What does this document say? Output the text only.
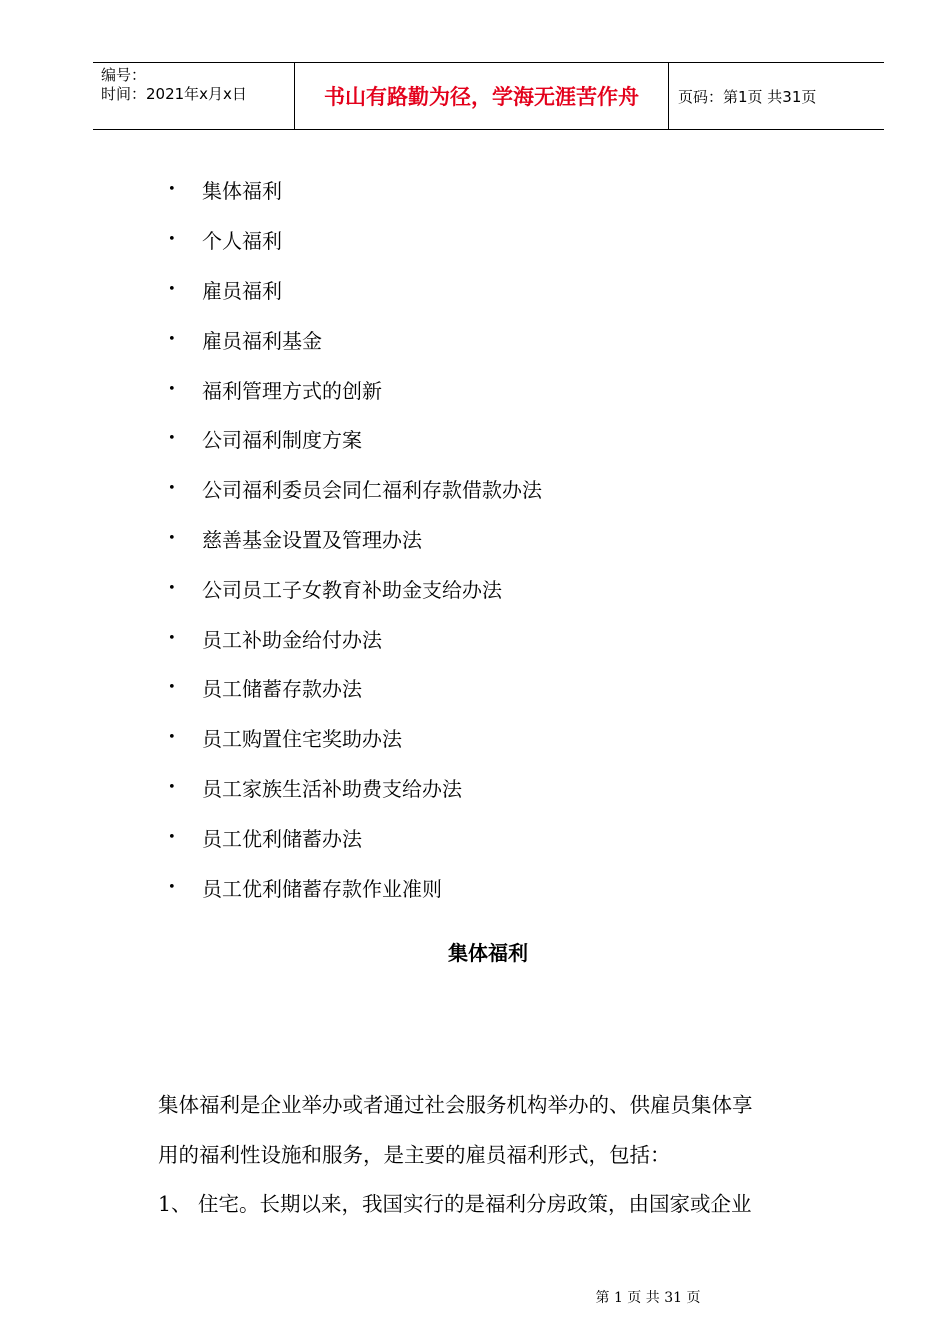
编号：
时间：2021年x月x日	书山有路勤为径，学海无涯苦作舟	页码：第1页 共31页
•	集体福利
•	个人福利
•	雇员福利
•	雇员福利基金
•	福利管理方式的创新
•	公司福利制度方案
•	公司福利委员会同仁福利存款借款办法
•	慈善基金设置及管理办法
•	公司员工子女教育补助金支给办法
•	员工补助金给付办法
•	员工储蓄存款办法
•	员工购置住宅奖助办法
•	员工家族生活补助费支给办法
•	员工优利储蓄办法
•	员工优利储蓄存款作业准则
集体福利
集体福利是企业举办或者通过社会服务机构举办的、供雇员集体享
用的福利性设施和服务，是主要的雇员福利形式，包括：
1、 住宅。长期以来，我国实行的是福利分房政策，由国家或企业
第 1 页 共 31 页
